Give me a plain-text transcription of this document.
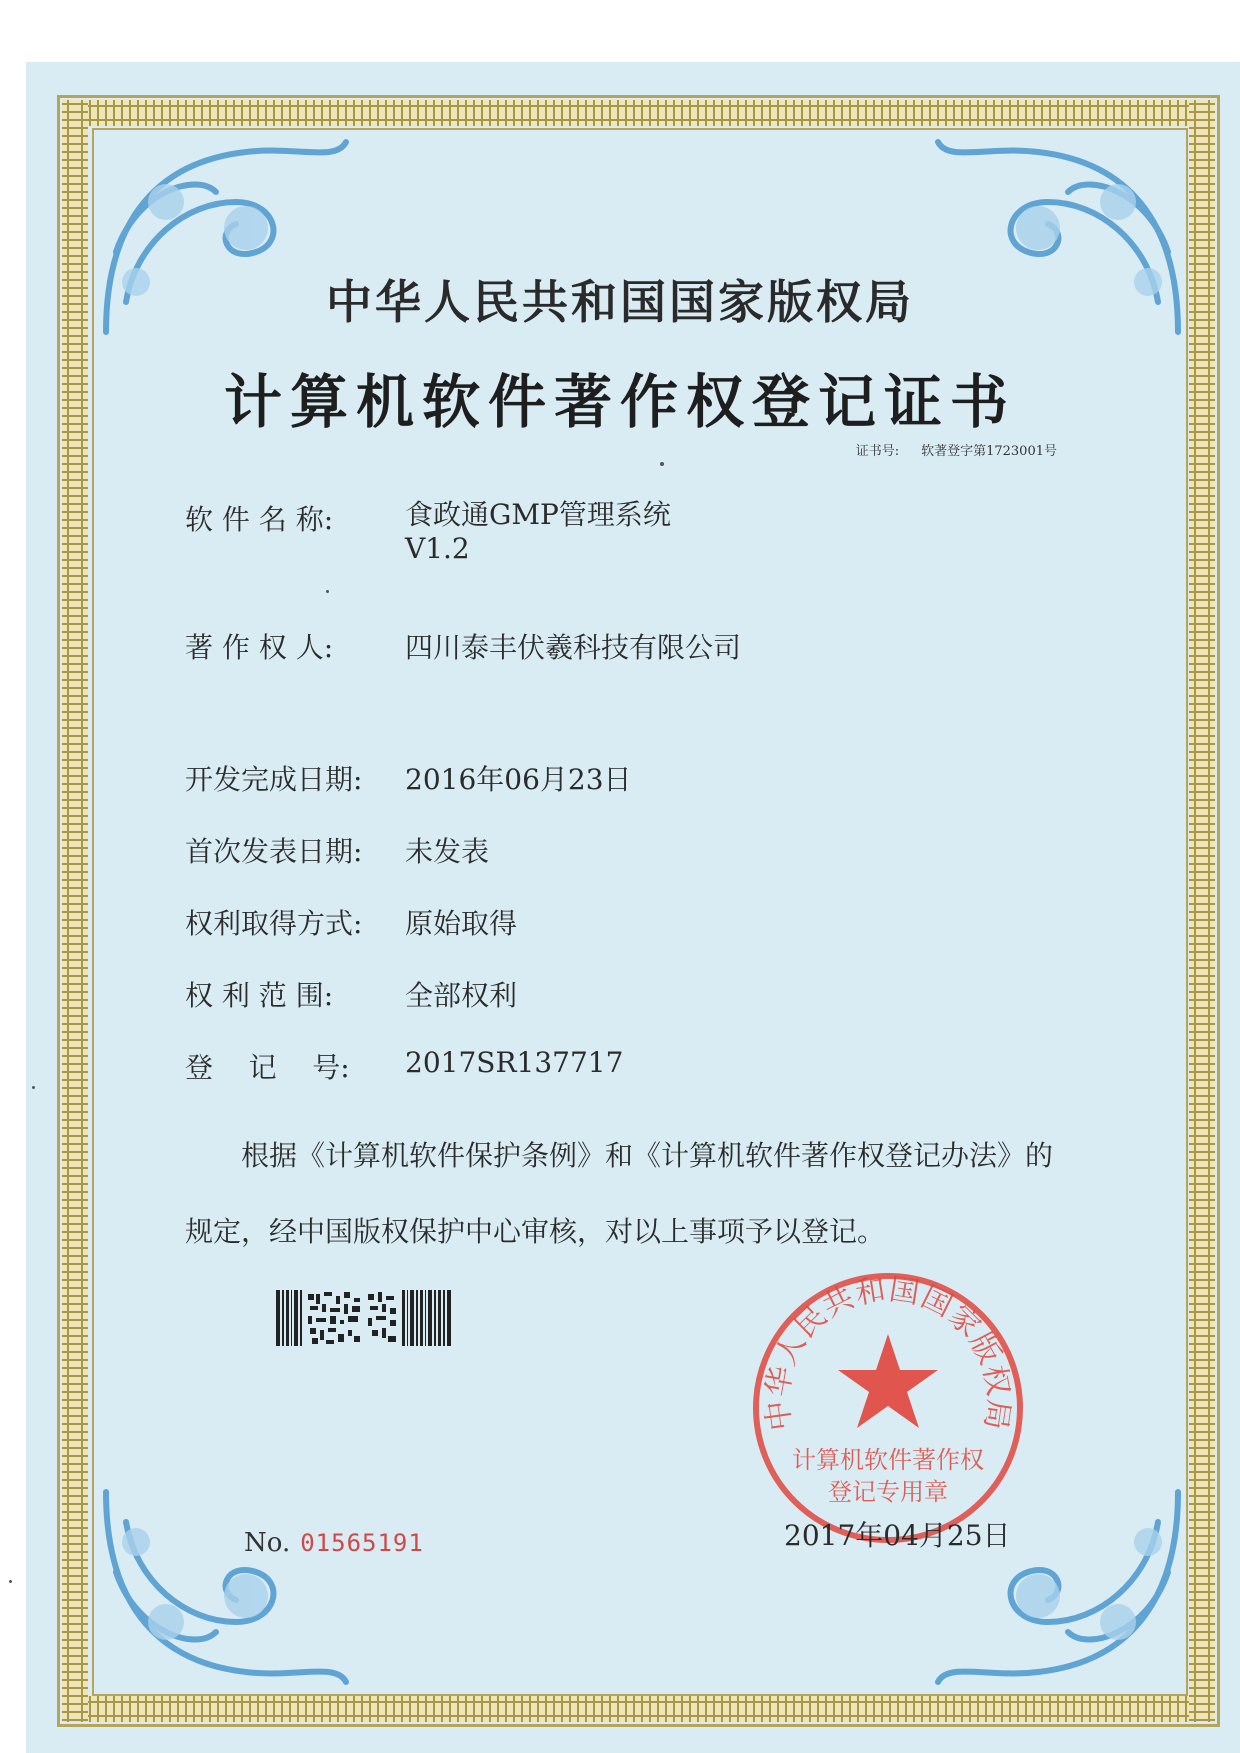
中华人民共和国国家版权局
计算机软件著作权登记证书
证书号: 软著登字第1723001号
软 件 名 称:	食政通GMP管理系统
V1.2
著 作 权 人:	四川泰丰伏羲科技有限公司
开发完成日期: 2016年06月23日
首次发表日期: 未发表
权利取得方式: 原始取得
权 利 范 围:	全部权利
登    记    号: 2017SR137717
根据《计算机软件保护条例》和《计算机软件著作权登记办法》的
规定，经中国版权保护中心审核，对以上事项予以登记。
中华人民共和国国家版权局
计算机软件著作权
登记专用章
No. 01565191	2017年04月25日
